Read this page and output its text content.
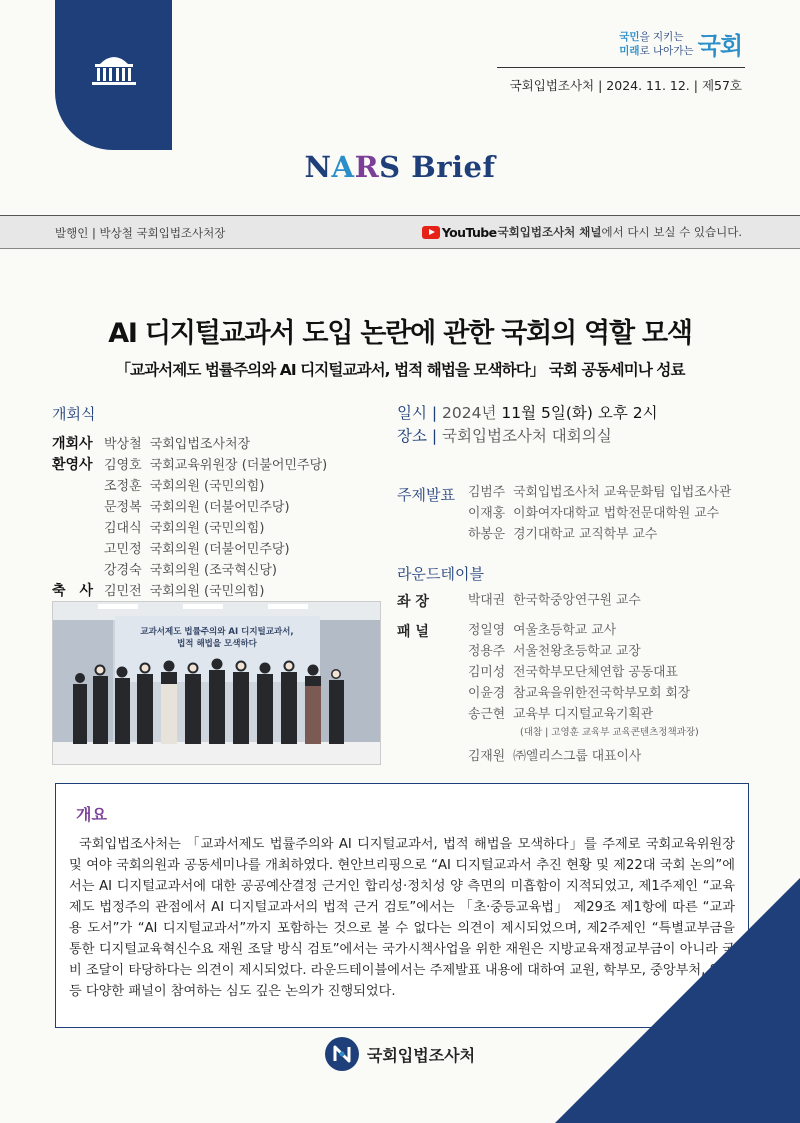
국민을 지키는
미래로 나아가는 국회
국회입법조사처 | 2024. 11. 12. | 제57호
NARS Brief
발행인 | 박상철 국회입법조사처장	YouTube 국회입법조사처 채널 에서 다시 보실 수 있습니다.
AI 디지털교과서 도입 논란에 관한 국회의 역할 모색
「교과서제도 법률주의와 AI 디지털교과서, 법적 해법을 모색하다」 국회 공동세미나 성료
개회식
개회사 박상철 국회입법조사처장
환영사 김영호 국회교육위원장 (더불어민주당)
조정훈 국회의원 (국민의힘)
문정복 국회의원 (더불어민주당)
김대식 국회의원 (국민의힘)
고민정 국회의원 (더불어민주당)
강경숙 국회의원 (조국혁신당)
축　사 김민전 국회의원 (국민의힘)
교과서제도 법률주의와 AI 디지털교과서,
법적 해법을 모색하다
일시 | 2024년 11월 5일(화) 오후 2시
장소 | 국회입법조사처 대회의실
주제발표 김범주 국회입법조사처 교육문화팀 입법조사관
이재홍 이화여자대학교 법학전문대학원 교수
하봉운 경기대학교 교직학부 교수
라운드테이블
좌 장	박대권 한국학중앙연구원 교수
패 널	정일영 여울초등학교 교사
정용주 서울천왕초등학교 교장
김미성 전국학부모단체연합 공동대표
이윤경 참교육을위한전국학부모회 회장
송근현 교육부 디지털교육기획관
(대참 | 고영훈 교육부 교육콘텐츠정책과장)
김재원 ㈜엘리스그룹 대표이사
개요
국회입법조사처는 「교과서제도 법률주의와 AI 디지털교과서, 법적 해법을 모색하다」를 주제로 국회교육위원장 및 여야 국회의원과 공동세미나를 개최하였다. 현안브리핑으로 “AI 디지털교과서 추진 현황 및 제22대 국회 논의”에서는 AI 디지털교과서에 대한 공공예산결정 근거인 합리성·정치성 양 측면의 미흡함이 지적되었고, 제1주제인 “교육제도 법정주의 관점에서 AI 디지털교과서의 법적 근거 검토”에서는 「초·중등교육법」 제29조 제1항에 따른 “교과용 도서”가 “AI 디지털교과서”까지 포함하는 것으로 볼 수 없다는 의견이 제시되었으며, 제2주제인 “특별교부금을 통한 디지털교육혁신수요 재원 조달 방식 검토”에서는 국가시책사업을 위한 재원은 지방교육재정교부금이 아니라 국비 조달이 타당하다는 의견이 제시되었다. 라운드테이블에서는 주제발표 내용에 대하여 교원, 학부모, 중앙부처, 업계 등 다양한 패널이 참여하는 심도 깊은 논의가 진행되었다.
국회입법조사처
